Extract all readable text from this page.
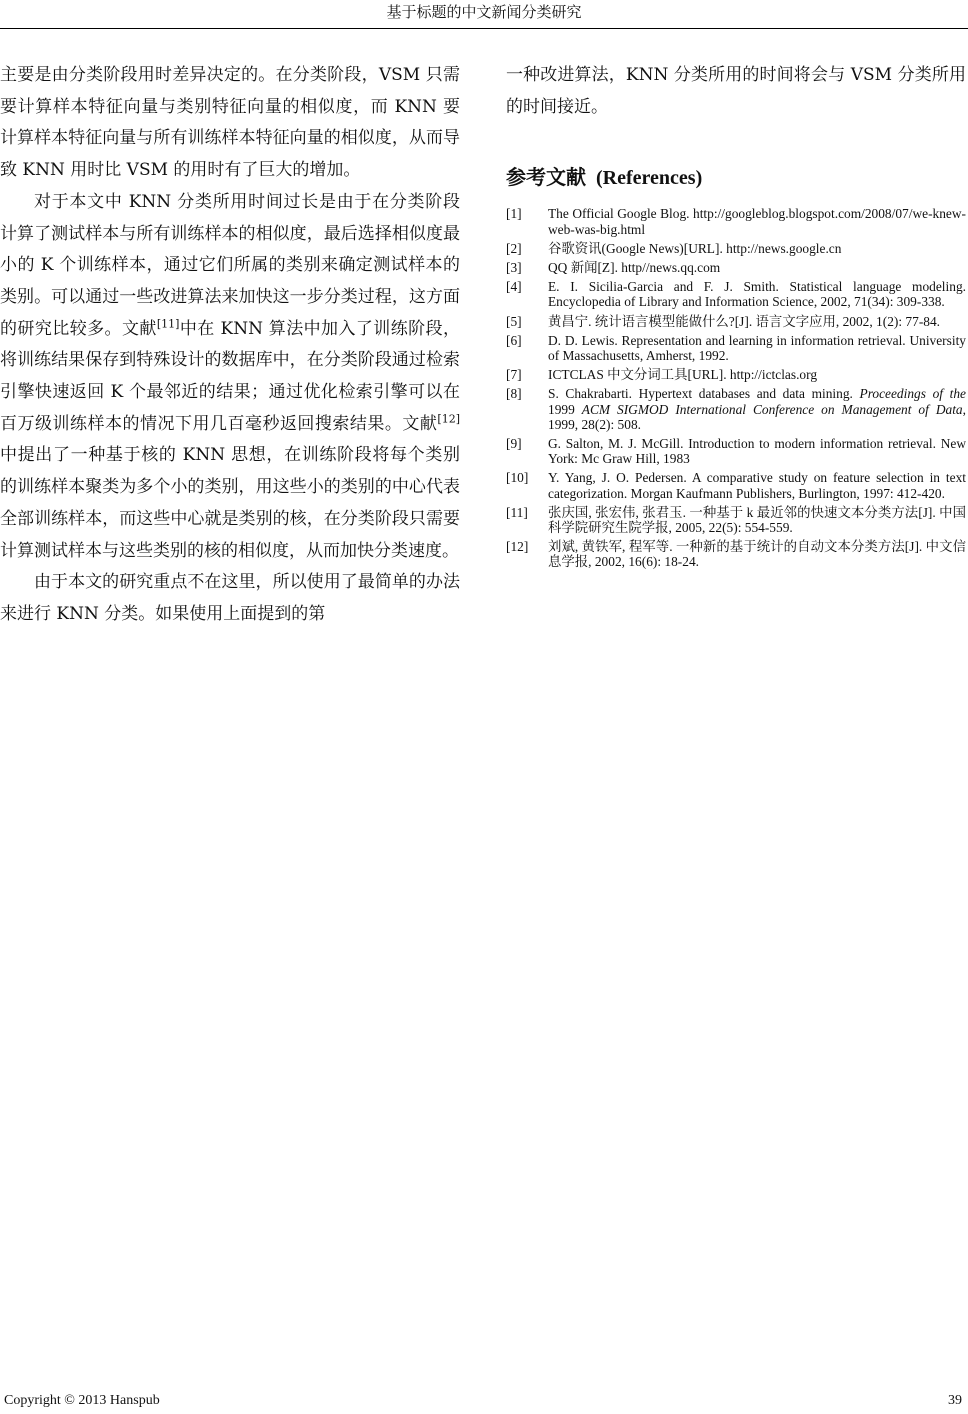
基于标题的中文新闻分类研究

主要是由分类阶段用时差异决定的。在分类阶段，VSM 只需要计算样本特征向量与类别特征向量的相似度，而 KNN 要计算样本特征向量与所有训练样本特征向量的相似度，从而导致 KNN 用时比 VSM 的用时有了巨大的增加。

对于本文中 KNN 分类所用时间过长是由于在分类阶段计算了测试样本与所有训练样本的相似度，最后选择相似度最小的 K 个训练样本，通过它们所属的类别来确定测试样本的类别。可以通过一些改进算法来加快这一步分类过程，这方面的研究比较多。文献[11]中在 KNN 算法中加入了训练阶段，将训练结果保存到特殊设计的数据库中，在分类阶段通过检索引擎快速返回 K 个最邻近的结果；通过优化检索引擎可以在百万级训练样本的情况下用几百毫秒返回搜索结果。文献[12]中提出了一种基于核的 KNN 思想，在训练阶段将每个类别的训练样本聚类为多个小的类别，用这些小的类别的中心代表全部训练样本，而这些中心就是类别的核，在分类阶段只需要计算测试样本与这些类别的核的相似度，从而加快分类速度。

由于本文的研究重点不在这里，所以使用了最简单的办法来进行 KNN 分类。如果使用上面提到的第

一种改进算法，KNN 分类所用的时间将会与 VSM 分类所用的时间接近。

参考文献 (References)
[1]	The Official Google Blog. http://googleblog.blogspot.com/2008/07/we-knew-web-was-big.html
[2]	谷歌资讯(Google News)[URL]. http://news.google.cn
[3]	QQ 新闻[Z]. http//news.qq.com
[4]	E. I. Sicilia-Garcia and F. J. Smith. Statistical language modeling. Encyclopedia of Library and Information Science, 2002, 71(34): 309-338.
[5]	黄昌宁. 统计语言模型能做什么?[J]. 语言文字应用, 2002, 1(2): 77-84.
[6]	D. D. Lewis. Representation and learning in information retrieval. University of Massachusetts, Amherst, 1992.
[7]	ICTCLAS 中文分词工具[URL]. http://ictclas.org
[8]	S. Chakrabarti. Hypertext databases and data mining. Proceedings of the 1999 ACM SIGMOD International Conference on Management of Data, 1999, 28(2): 508.
[9]	G. Salton, M. J. McGill. Introduction to modern information retrieval. New York: Mc Graw Hill, 1983
[10]	Y. Yang, J. O. Pedersen. A comparative study on feature selection in text categorization. Morgan Kaufmann Publishers, Burlington, 1997: 412-420.
[11]	张庆国, 张宏伟, 张君玉. 一种基于 k 最近邻的快速文本分类方法[J]. 中国科学院研究生院学报, 2005, 22(5): 554-559.
[12]	刘斌, 黄铁军, 程军等. 一种新的基于统计的自动文本分类方法[J]. 中文信息学报, 2002, 16(6): 18-24.
Copyright © 2013 Hanspub	39
